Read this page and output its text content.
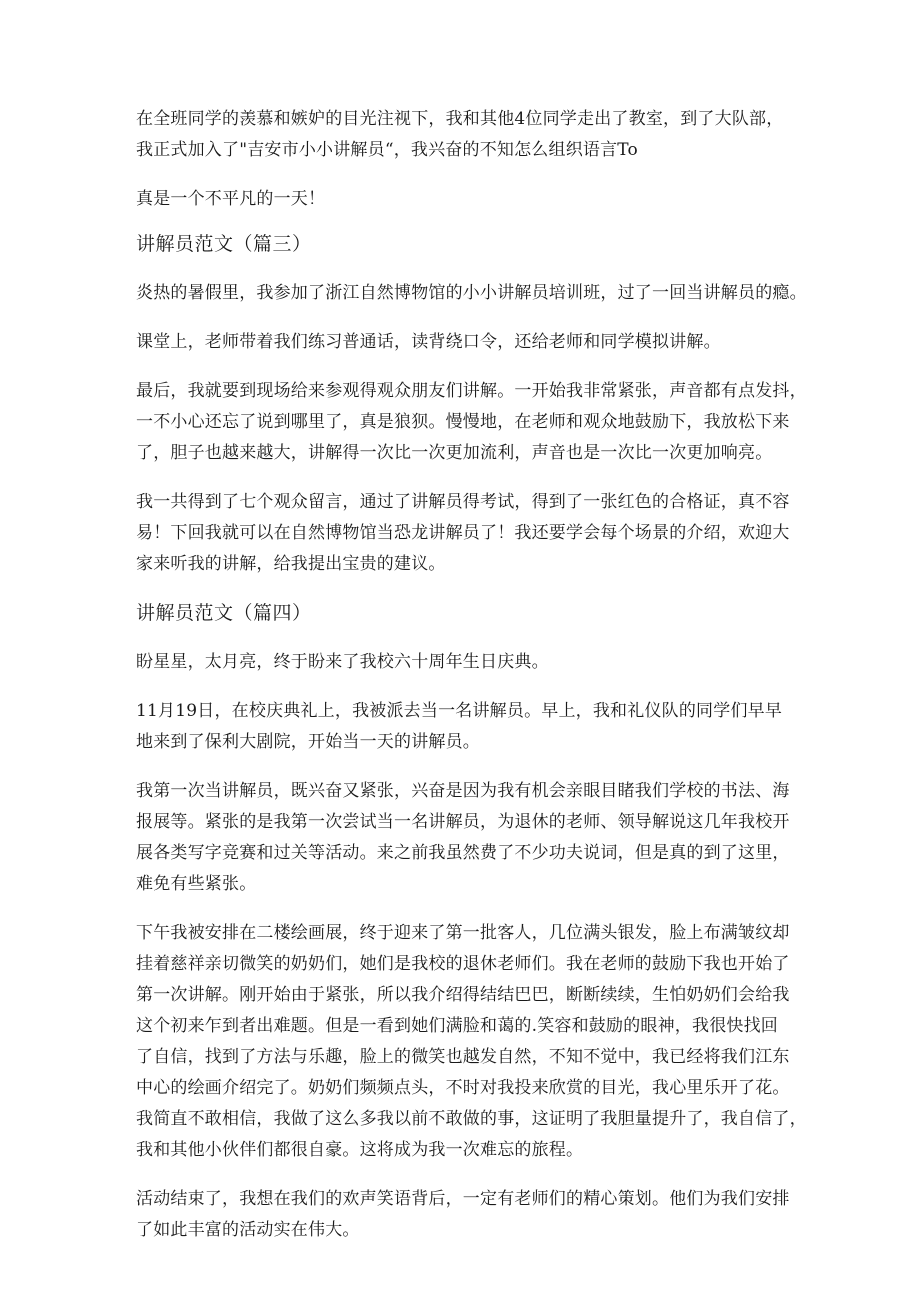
在全班同学的羡慕和嫉妒的目光注视下，我和其他4位同学走出了教室，到了大队部，
我正式加入了"吉安市小小讲解员“，我兴奋的不知怎么组织语言To

真是一个不平凡的一天！

讲解员范文（篇三）

炎热的暑假里，我参加了浙江自然博物馆的小小讲解员培训班，过了一回当讲解员的瘾。

课堂上，老师带着我们练习普通话，读背绕口令，还给老师和同学模拟讲解。

最后，我就要到现场给来参观得观众朋友们讲解。一开始我非常紧张，声音都有点发抖，
一不小心还忘了说到哪里了，真是狼狈。慢慢地，在老师和观众地鼓励下，我放松下来
了，胆子也越来越大，讲解得一次比一次更加流利，声音也是一次比一次更加响亮。

我一共得到了七个观众留言，通过了讲解员得考试，得到了一张红色的合格证，真不容
易！下回我就可以在自然博物馆当恐龙讲解员了！我还要学会每个场景的介绍，欢迎大
家来听我的讲解，给我提出宝贵的建议。

讲解员范文（篇四）

盼星星，太月亮，终于盼来了我校六十周年生日庆典。

11月19日，在校庆典礼上，我被派去当一名讲解员。早上，我和礼仪队的同学们早早
地来到了保利大剧院，开始当一天的讲解员。

我第一次当讲解员，既兴奋又紧张，兴奋是因为我有机会亲眼目睹我们学校的书法、海
报展等。紧张的是我第一次尝试当一名讲解员，为退休的老师、领导解说这几年我校开
展各类写字竞赛和过关等活动。来之前我虽然费了不少功夫说词，但是真的到了这里，
难免有些紧张。

下午我被安排在二楼绘画展，终于迎来了第一批客人，几位满头银发，脸上布满皱纹却
挂着慈祥亲切微笑的奶奶们，她们是我校的退休老师们。我在老师的鼓励下我也开始了
第一次讲解。刚开始由于紧张，所以我介绍得结结巴巴，断断续续，生怕奶奶们会给我
这个初来乍到者出难题。但是一看到她们满脸和蔼的.笑容和鼓励的眼神，我很快找回
了自信，找到了方法与乐趣，脸上的微笑也越发自然，不知不觉中，我已经将我们江东
中心的绘画介绍完了。奶奶们频频点头，不时对我投来欣赏的目光，我心里乐开了花。
我简直不敢相信，我做了这么多我以前不敢做的事，这证明了我胆量提升了，我自信了，
我和其他小伙伴们都很自豪。这将成为我一次难忘的旅程。

活动结束了，我想在我们的欢声笑语背后，一定有老师们的精心策划。他们为我们安排
了如此丰富的活动实在伟大。
